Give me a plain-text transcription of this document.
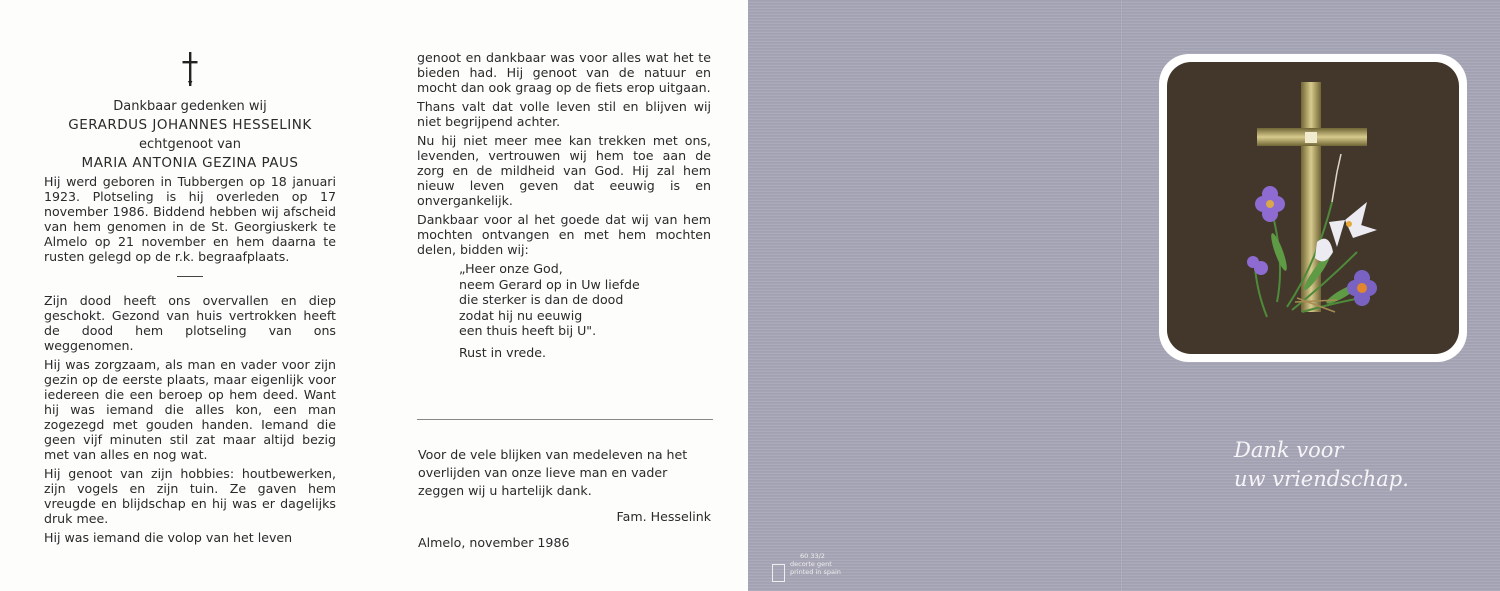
Dankbaar gedenken wij
GERARDUS JOHANNES HESSELINK
echtgenoot van
MARIA ANTONIA GEZINA PAUS

Hij werd geboren in Tubbergen op 18 januari 1923. Plotseling is hij overleden op 17 november 1986. Biddend hebben wij afscheid van hem genomen in de St. Georgiuskerk te Almelo op 21 november en hem daarna te rusten gelegd op de r.k. begraafplaats.

Zijn dood heeft ons overvallen en diep geschokt. Gezond van huis vertrokken heeft de dood hem plotseling van ons weggenomen.

Hij was zorgzaam, als man en vader voor zijn gezin op de eerste plaats, maar eigenlijk voor iedereen die een beroep op hem deed. Want hij was iemand die alles kon, een man zogezegd met gouden handen. Iemand die geen vijf minuten stil zat maar altijd bezig met van alles en nog wat.

Hij genoot van zijn hobbies: houtbewerken, zijn vogels en zijn tuin. Ze gaven hem vreugde en blijdschap en hij was er dagelijks druk mee.

Hij was iemand die volop van het leven

genoot en dankbaar was voor alles wat het te bieden had. Hij genoot van de natuur en mocht dan ook graag op de fiets erop uitgaan.

Thans valt dat volle leven stil en blijven wij niet begrijpend achter.

Nu hij niet meer mee kan trekken met ons, levenden, vertrouwen wij hem toe aan de zorg en de mildheid van God. Hij zal hem nieuw leven geven dat eeuwig is en onvergankelijk.

Dankbaar voor al het goede dat wij van hem mochten ontvangen en met hem mochten delen, bidden wij:

„Heer onze God,
neem Gerard op in Uw liefde
die sterker is dan de dood
zodat hij nu eeuwig
een thuis heeft bij U".
Rust in vrede.
Voor de vele blijken van medeleven na het overlijden van onze lieve man en vader zeggen wij u hartelijk dank.
Fam. Hesselink
Almelo, november 1986
Dank voor
uw vriendschap.
60 33/2
decorte gent
printed in spain
